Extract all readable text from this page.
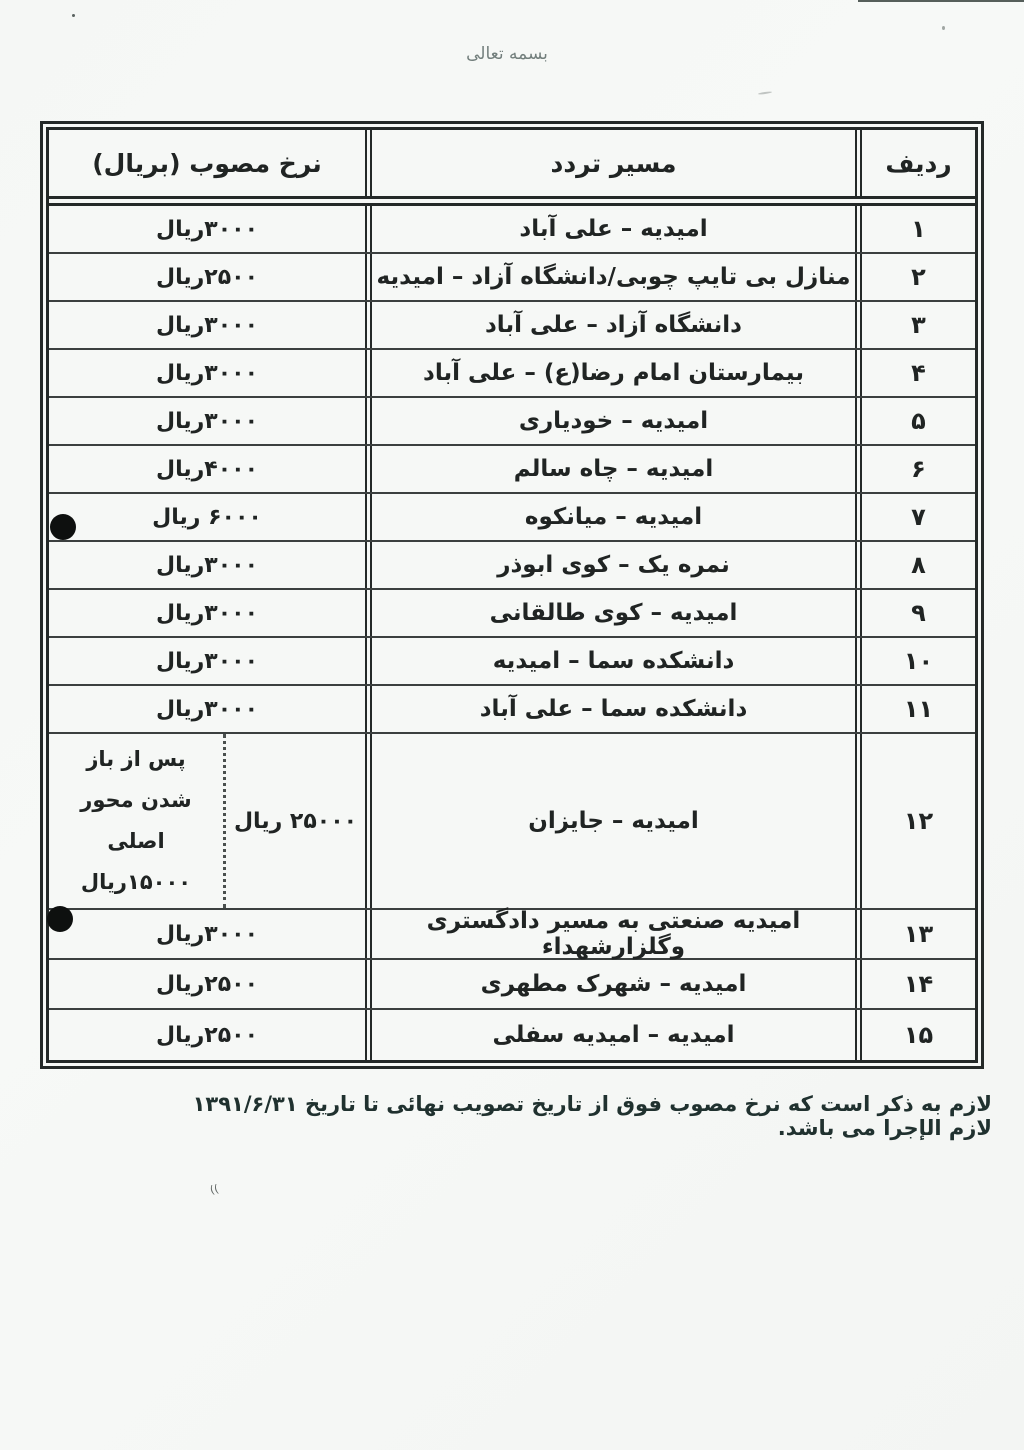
بسمه تعالی
ردیف
مسیر تردد
نرخ مصوب (بریال)
۱
امیدیه – علی آباد
۳۰۰۰ریال
۲
منازل بی تایپ چوبی/دانشگاه آزاد – امیدیه
۲۵۰۰ریال
۳
دانشگاه آزاد – علی آباد
۳۰۰۰ریال
۴
بیمارستان امام رضا(ع) – علی آباد
۳۰۰۰ریال
۵
امیدیه – خودیاری
۳۰۰۰ریال
۶
امیدیه – چاه سالم
۴۰۰۰ریال
۷
امیدیه – میانکوه
۶۰۰۰ ریال
۸
نمره یک – کوی ابوذر
۳۰۰۰ریال
۹
امیدیه – کوی طالقانی
۳۰۰۰ریال
۱۰
دانشکده سما – امیدیه
۳۰۰۰ریال
۱۱
دانشکده سما – علی آباد
۳۰۰۰ریال
۱۲
امیدیه – جایزان
۲۵۰۰۰ ریال
پس از باز
شدن محور
اصلی
۱۵۰۰۰ریال
۱۳
امیدیه صنعتی به مسیر دادگستری وگلزارشهداء
۳۰۰۰ریال
۱۴
امیدیه – شهرک مطهری
۲۵۰۰ریال
۱۵
امیدیه – امیدیه سفلی
۲۵۰۰ریال
لازم به ذکر است که نرخ مصوب فوق از تاریخ تصویب نهائی تا تاریخ ۱۳۹۱/۶/۳۱ لازم الإجرا می باشد.
((
